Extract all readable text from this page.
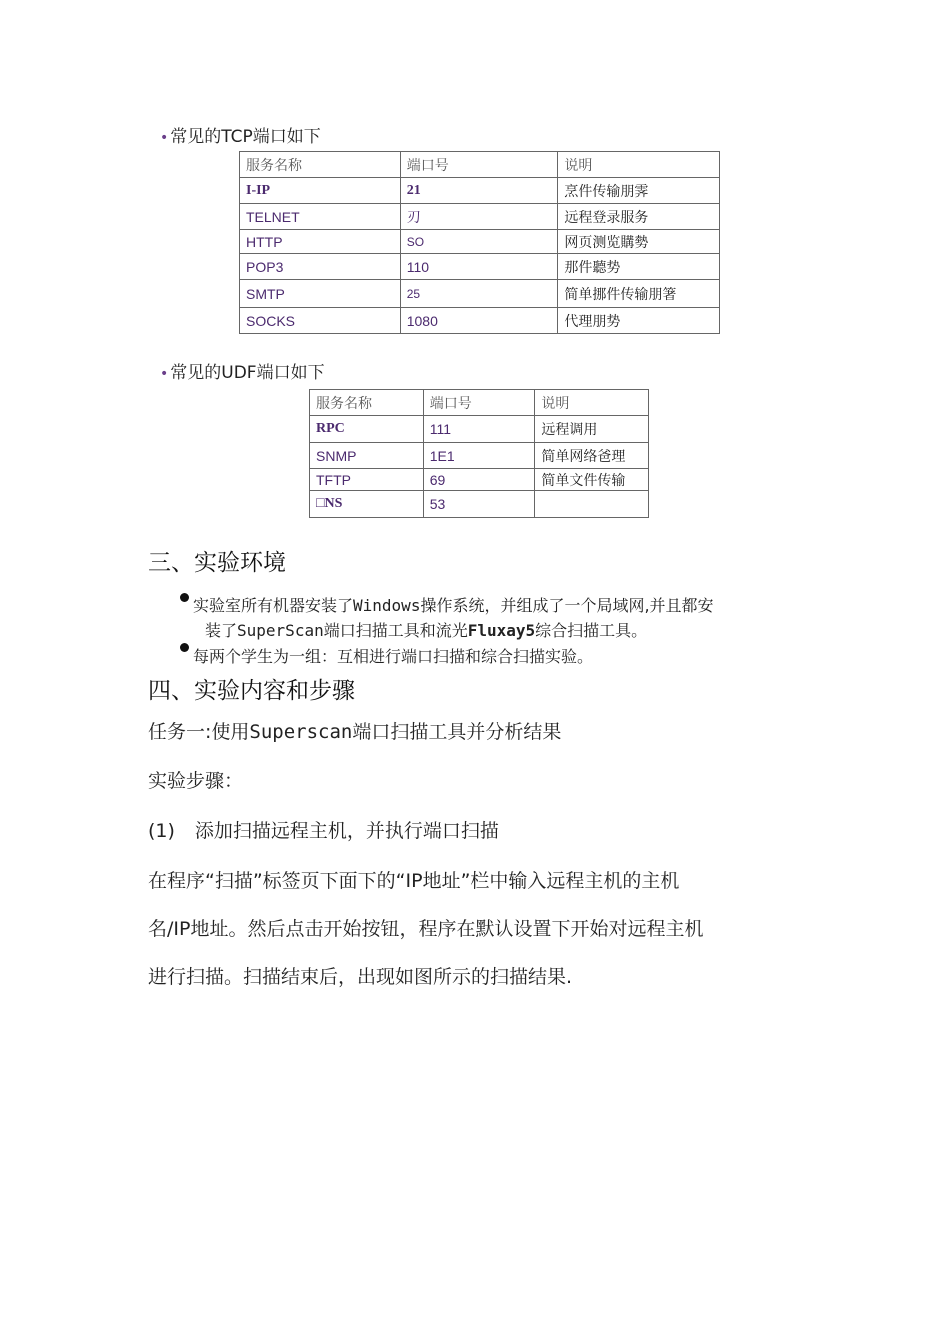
• 常见的TCP端口如下
服务名称	端口号	说明
I-IP	21	烹件传输朋霁
TELNET	刃	远程登录服务
HTTP	SO	网页测览購勢
POP3	110	那件聽势
SMTP	25	简单挪件传输朋箸
SOCKS	1080	代理朋势
• 常见的UDF端口如下
服务名称	端口号	说明
RPC	111	远程调用
SNMP	1E1	简单网络爸理
TFTP	69	简单文件传输
□NS	53	
三、实验环境
实验室所有机器安装了Windows操作系统，并组成了一个局域网,并且都安
装了SuperScan端口扫描工具和流光Fluxay5综合扫描工具。
每两个学生为一组：互相进行端口扫描和综合扫描实验。
四、实验内容和步骤
任务一:使用Superscan端口扫描工具并分析结果
实验步骤：
(1) 添加扫描远程主机，并执行端口扫描
在程序“扫描”标签页下面下的“IP地址”栏中输入远程主机的主机
名/IP地址。然后点击开始按钮，程序在默认设置下开始对远程主机
进行扫描。扫描结束后，出现如图所示的扫描结果.
